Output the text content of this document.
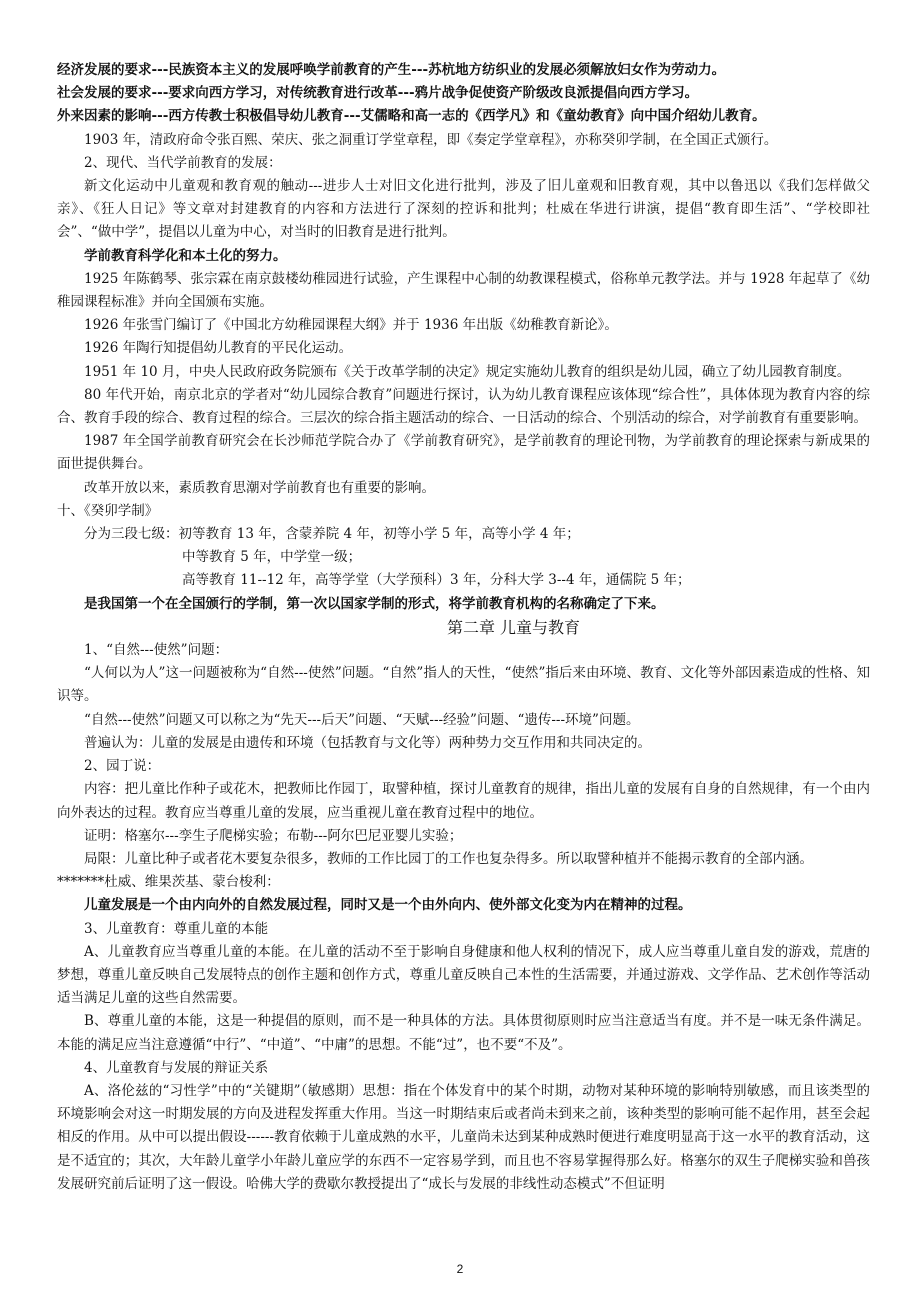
经济发展的要求---民族资本主义的发展呼唤学前教育的产生---苏杭地方纺织业的发展必须解放妇女作为劳动力。

社会发展的要求---要求向西方学习，对传统教育进行改革---鸦片战争促使资产阶级改良派提倡向西方学习。

外来因素的影响---西方传教士积极倡导幼儿教育---艾儒略和高一志的《西学凡》和《童幼教育》向中国介绍幼儿教育。

1903 年，清政府命令张百熙、荣庆、张之洞重订学堂章程，即《奏定学堂章程》，亦称癸卯学制，在全国正式颁行。

2、现代、当代学前教育的发展：

新文化运动中儿童观和教育观的触动---进步人士对旧文化进行批判，涉及了旧儿童观和旧教育观，其中以鲁迅以《我们怎样做父亲》、《狂人日记》等文章对封建教育的内容和方法进行了深刻的控诉和批判；杜威在华进行讲演，提倡“教育即生活”、“学校即社会”、“做中学”，提倡以儿童为中心，对当时的旧教育是进行批判。

学前教育科学化和本土化的努力。

1925 年陈鹤琴、张宗霖在南京鼓楼幼稚园进行试验，产生课程中心制的幼教课程模式，俗称单元教学法。并与 1928 年起草了《幼稚园课程标准》并向全国颁布实施。

1926 年张雪门编订了《中国北方幼稚园课程大纲》并于 1936 年出版《幼稚教育新论》。

1926 年陶行知提倡幼儿教育的平民化运动。

1951 年 10 月，中央人民政府政务院颁布《关于改革学制的决定》规定实施幼儿教育的组织是幼儿园，确立了幼儿园教育制度。

80 年代开始，南京北京的学者对“幼儿园综合教育”问题进行探讨，认为幼儿教育课程应该体现“综合性”，具体体现为教育内容的综合、教育手段的综合、教育过程的综合。三层次的综合指主题活动的综合、一日活动的综合、个别活动的综合，对学前教育有重要影响。

1987 年全国学前教育研究会在长沙师范学院合办了《学前教育研究》，是学前教育的理论刊物，为学前教育的理论探索与新成果的面世提供舞台。

改革开放以来，素质教育思潮对学前教育也有重要的影响。

十、《癸卯学制》

分为三段七级：初等教育 13 年，含蒙养院 4 年，初等小学 5 年，高等小学 4 年；

中等教育 5 年，中学堂一级；

高等教育 11--12 年，高等学堂（大学预科）3 年，分科大学 3--4 年，通儒院 5 年；

是我国第一个在全国颁行的学制，第一次以国家学制的形式，将学前教育机构的名称确定了下来。

第二章 儿童与教育

1、“自然---使然”问题：

“人何以为人”这一问题被称为“自然---使然”问题。“自然”指人的天性，“使然”指后来由环境、教育、文化等外部因素造成的性格、知识等。

“自然---使然”问题又可以称之为“先天---后天”问题、“天赋---经验”问题、“遗传---环境”问题。

普遍认为：儿童的发展是由遗传和环境（包括教育与文化等）两种势力交互作用和共同决定的。

2、园丁说：

内容：把儿童比作种子或花木，把教师比作园丁，取譬种植，探讨儿童教育的规律，指出儿童的发展有自身的自然规律，有一个由内向外表达的过程。教育应当尊重儿童的发展，应当重视儿童在教育过程中的地位。

证明：格塞尔---孪生子爬梯实验；布勒---阿尔巴尼亚婴儿实验；

局限：儿童比种子或者花木要复杂很多，教师的工作比园丁的工作也复杂得多。所以取譬种植并不能揭示教育的全部内涵。

*******杜威、维果茨基、蒙台梭利：

儿童发展是一个由内向外的自然发展过程，同时又是一个由外向内、使外部文化变为内在精神的过程。

3、儿童教育：尊重儿童的本能

A、儿童教育应当尊重儿童的本能。在儿童的活动不至于影响自身健康和他人权利的情况下，成人应当尊重儿童自发的游戏，荒唐的梦想，尊重儿童反映自己发展特点的创作主题和创作方式，尊重儿童反映自己本性的生活需要，并通过游戏、文学作品、艺术创作等活动适当满足儿童的这些自然需要。

B、尊重儿童的本能，这是一种提倡的原则，而不是一种具体的方法。具体贯彻原则时应当注意适当有度。并不是一味无条件满足。本能的满足应当注意遵循“中行”、“中道”、“中庸”的思想。不能“过”，也不要“不及”。

4、儿童教育与发展的辩证关系

A、洛伦兹的“习性学”中的“关键期”（敏感期）思想：指在个体发育中的某个时期，动物对某种环境的影响特别敏感，而且该类型的环境影响会对这一时期发展的方向及进程发挥重大作用。当这一时期结束后或者尚未到来之前，该种类型的影响可能不起作用，甚至会起相反的作用。从中可以提出假设------教育依赖于儿童成熟的水平，儿童尚未达到某种成熟时便进行难度明显高于这一水平的教育活动，这是不适宜的；其次，大年龄儿童学小年龄儿童应学的东西不一定容易学到，而且也不容易掌握得那么好。格塞尔的双生子爬梯实验和兽孩发展研究前后证明了这一假设。哈佛大学的费歇尔教授提出了“成长与发展的非线性动态模式”不但证明

2
